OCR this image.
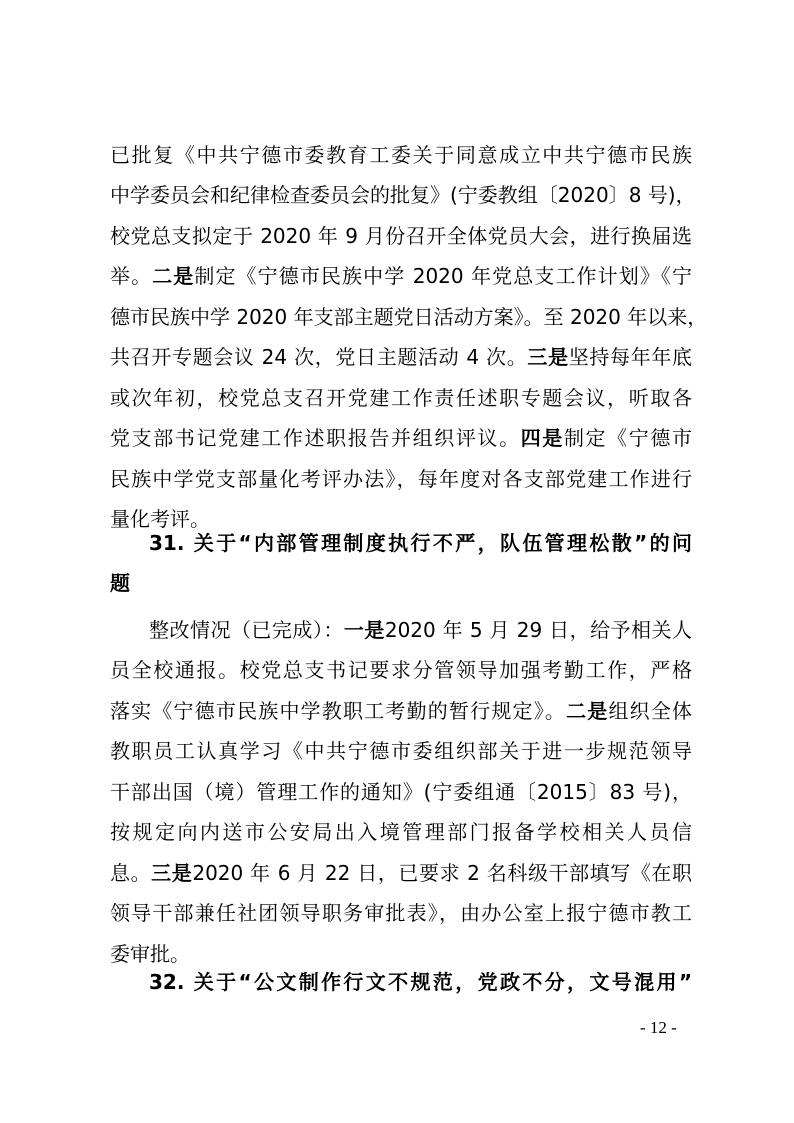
已批复《中共宁德市委教育工委关于同意成立中共宁德市民族
中学委员会和纪律检查委员会的批复》(宁委教组〔2020〕8 号)，
校党总支拟定于 2020 年 9 月份召开全体党员大会，进行换届选
举。二是制定《宁德市民族中学 2020 年党总支工作计划》《宁
德市民族中学 2020 年支部主题党日活动方案》。至 2020 年以来，
共召开专题会议 24 次，党日主题活动 4 次。三是坚持每年年底
或次年初，校党总支召开党建工作责任述职专题会议，听取各
党支部书记党建工作述职报告并组织评议。四是制定《宁德市
民族中学党支部量化考评办法》，每年度对各支部党建工作进行
量化考评。
31. 关于“内部管理制度执行不严，队伍管理松散”的问
题
整改情况（已完成）：一是2020 年 5 月 29 日，给予相关人
员全校通报。校党总支书记要求分管领导加强考勤工作，严格
落实《宁德市民族中学教职工考勤的暂行规定》。二是组织全体
教职员工认真学习《中共宁德市委组织部关于进一步规范领导
干部出国（境）管理工作的通知》(宁委组通〔2015〕83 号)，
按规定向内送市公安局出入境管理部门报备学校相关人员信
息。三是2020 年 6 月 22 日，已要求 2 名科级干部填写《在职
领导干部兼任社团领导职务审批表》，由办公室上报宁德市教工
委审批。
32. 关于“公文制作行文不规范，党政不分，文号混用”
- 12 -
